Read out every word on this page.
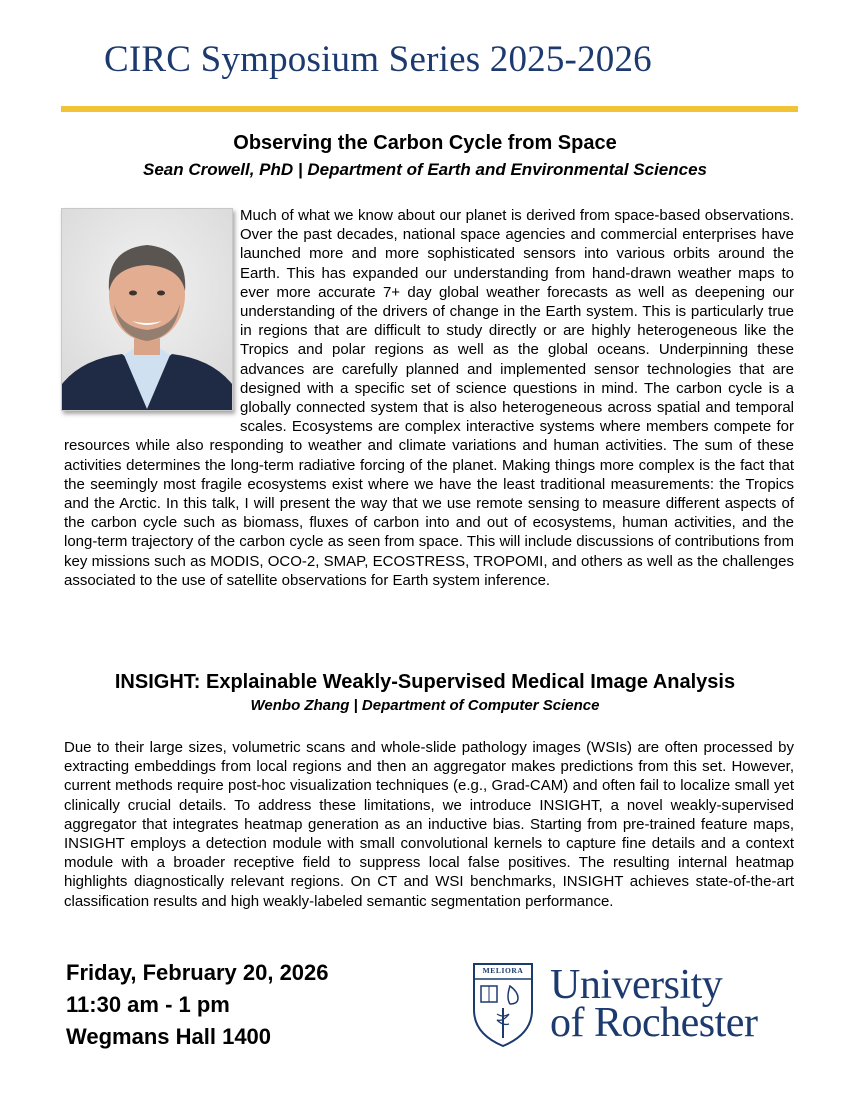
CIRC Symposium Series 2025-2026
Observing the Carbon Cycle from Space
Sean Crowell, PhD | Department of Earth and Environmental Sciences
Much of what we know about our planet is derived from space-based observations. Over the past decades, national space agencies and commercial enterprises have launched more and more sophisticated sensors into various orbits around the Earth. This has expanded our understanding from hand-drawn weather maps to ever more accurate 7+ day global weather forecasts as well as deepening our understanding of the drivers of change in the Earth system. This is particularly true in regions that are difficult to study directly or are highly heterogeneous like the Tropics and polar regions as well as the global oceans. Underpinning these advances are carefully planned and implemented sensor technologies that are designed with a specific set of science questions in mind. The carbon cycle is a globally connected system that is also heterogeneous across spatial and temporal scales. Ecosystems are complex interactive systems where members compete for resources while also responding to weather and climate variations and human activities. The sum of these activities determines the long-term radiative forcing of the planet. Making things more complex is the fact that the seemingly most fragile ecosystems exist where we have the least traditional measurements: the Tropics and the Arctic. In this talk, I will present the way that we use remote sensing to measure different aspects of the carbon cycle such as biomass, fluxes of carbon into and out of ecosystems, human activities, and the long-term trajectory of the carbon cycle as seen from space. This will include discussions of contributions from key missions such as MODIS, OCO-2, SMAP, ECOSTRESS, TROPOMI, and others as well as the challenges associated to the use of satellite observations for Earth system inference.
INSIGHT: Explainable Weakly-Supervised Medical Image Analysis
Wenbo Zhang | Department of Computer Science

Due to their large sizes, volumetric scans and whole-slide pathology images (WSIs) are often processed by extracting embeddings from local regions and then an aggregator makes predictions from this set. However, current methods require post-hoc visualization techniques (e.g., Grad-CAM) and often fail to localize small yet clinically crucial details. To address these limitations, we introduce INSIGHT, a novel weakly-supervised aggregator that integrates heatmap generation as an inductive bias. Starting from pre-trained feature maps, INSIGHT employs a detection module with small convolutional kernels to capture fine details and a context module with a broader receptive field to suppress local false positives. The resulting internal heatmap highlights diagnostically relevant regions. On CT and WSI benchmarks, INSIGHT achieves state-of-the-art classification results and high weakly-labeled semantic segmentation performance.

Friday, February 20, 2026
11:30 am - 1 pm
Wegmans Hall 1400
MELIORA University
of Rochester
